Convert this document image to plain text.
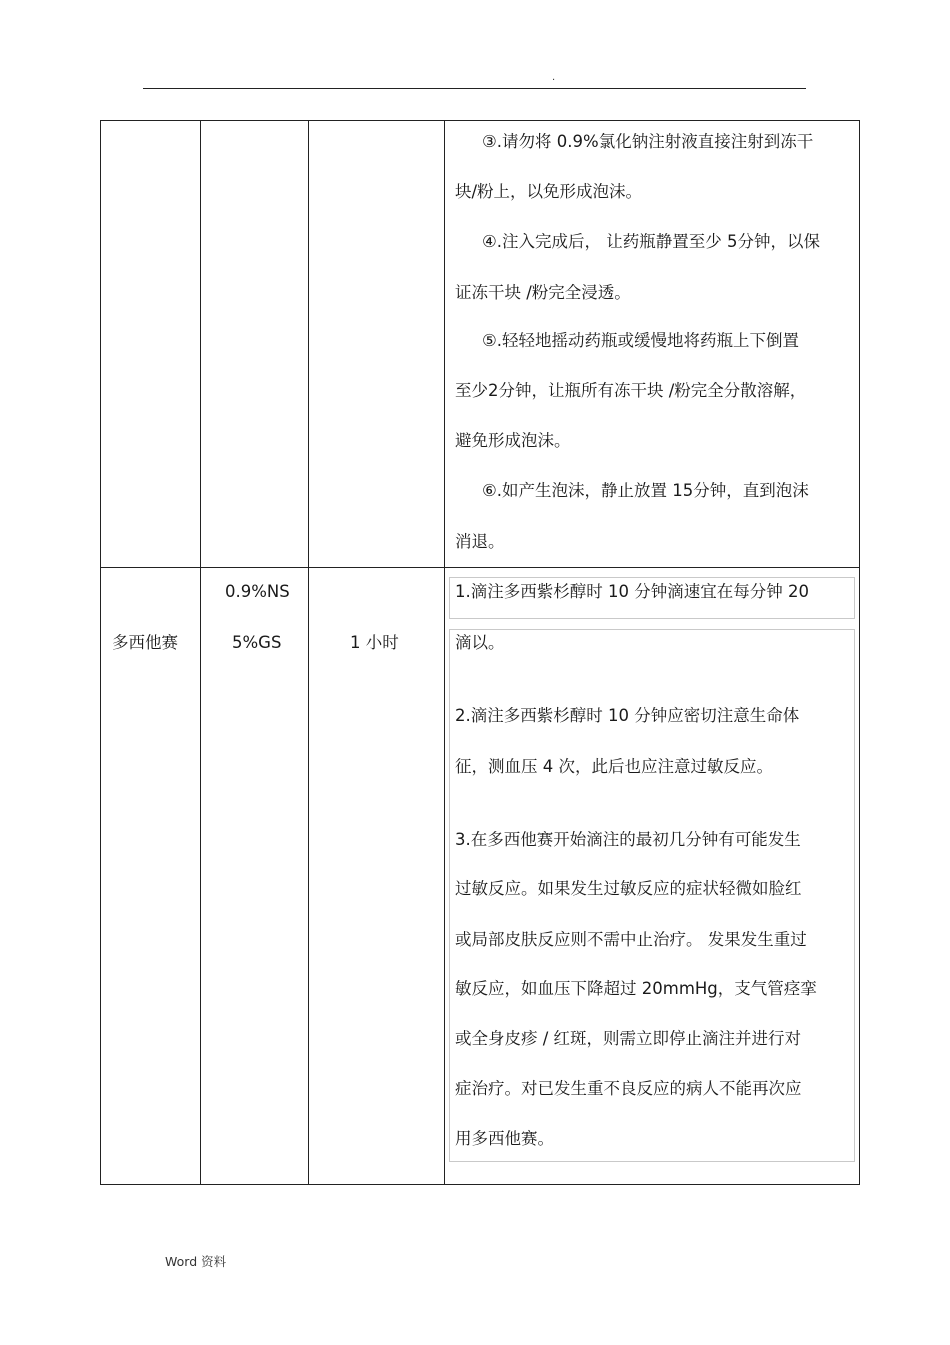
.
③.请勿将 0.9%氯化钠注射液直接注射到冻干
块/粉上，以免形成泡沫。
④.注入完成后， 让药瓶静置至少 5分钟，以保
证冻干块 /粉完全浸透。
⑤.轻轻地摇动药瓶或缓慢地将药瓶上下倒置
至少2分钟，让瓶所有冻干块 /粉完全分散溶解，
避免形成泡沫。
⑥.如产生泡沫，静止放置 15分钟，直到泡沫
消退。
多西他赛
0.9%NS
5%GS	1 小时
1.滴注多西紫杉醇时 10 分钟滴速宜在每分钟 20
滴以。
2.滴注多西紫杉醇时 10 分钟应密切注意生命体
征，测血压 4 次，此后也应注意过敏反应。
3.在多西他赛开始滴注的最初几分钟有可能发生
过敏反应。如果发生过敏反应的症状轻微如脸红
或局部皮肤反应则不需中止治疗。 发果发生重过
敏反应，如血压下降超过 20mmHg，支气管痉挛
或全身皮疹 / 红斑，则需立即停止滴注并进行对
症治疗。对已发生重不良反应的病人不能再次应
用多西他赛。
Word 资料
